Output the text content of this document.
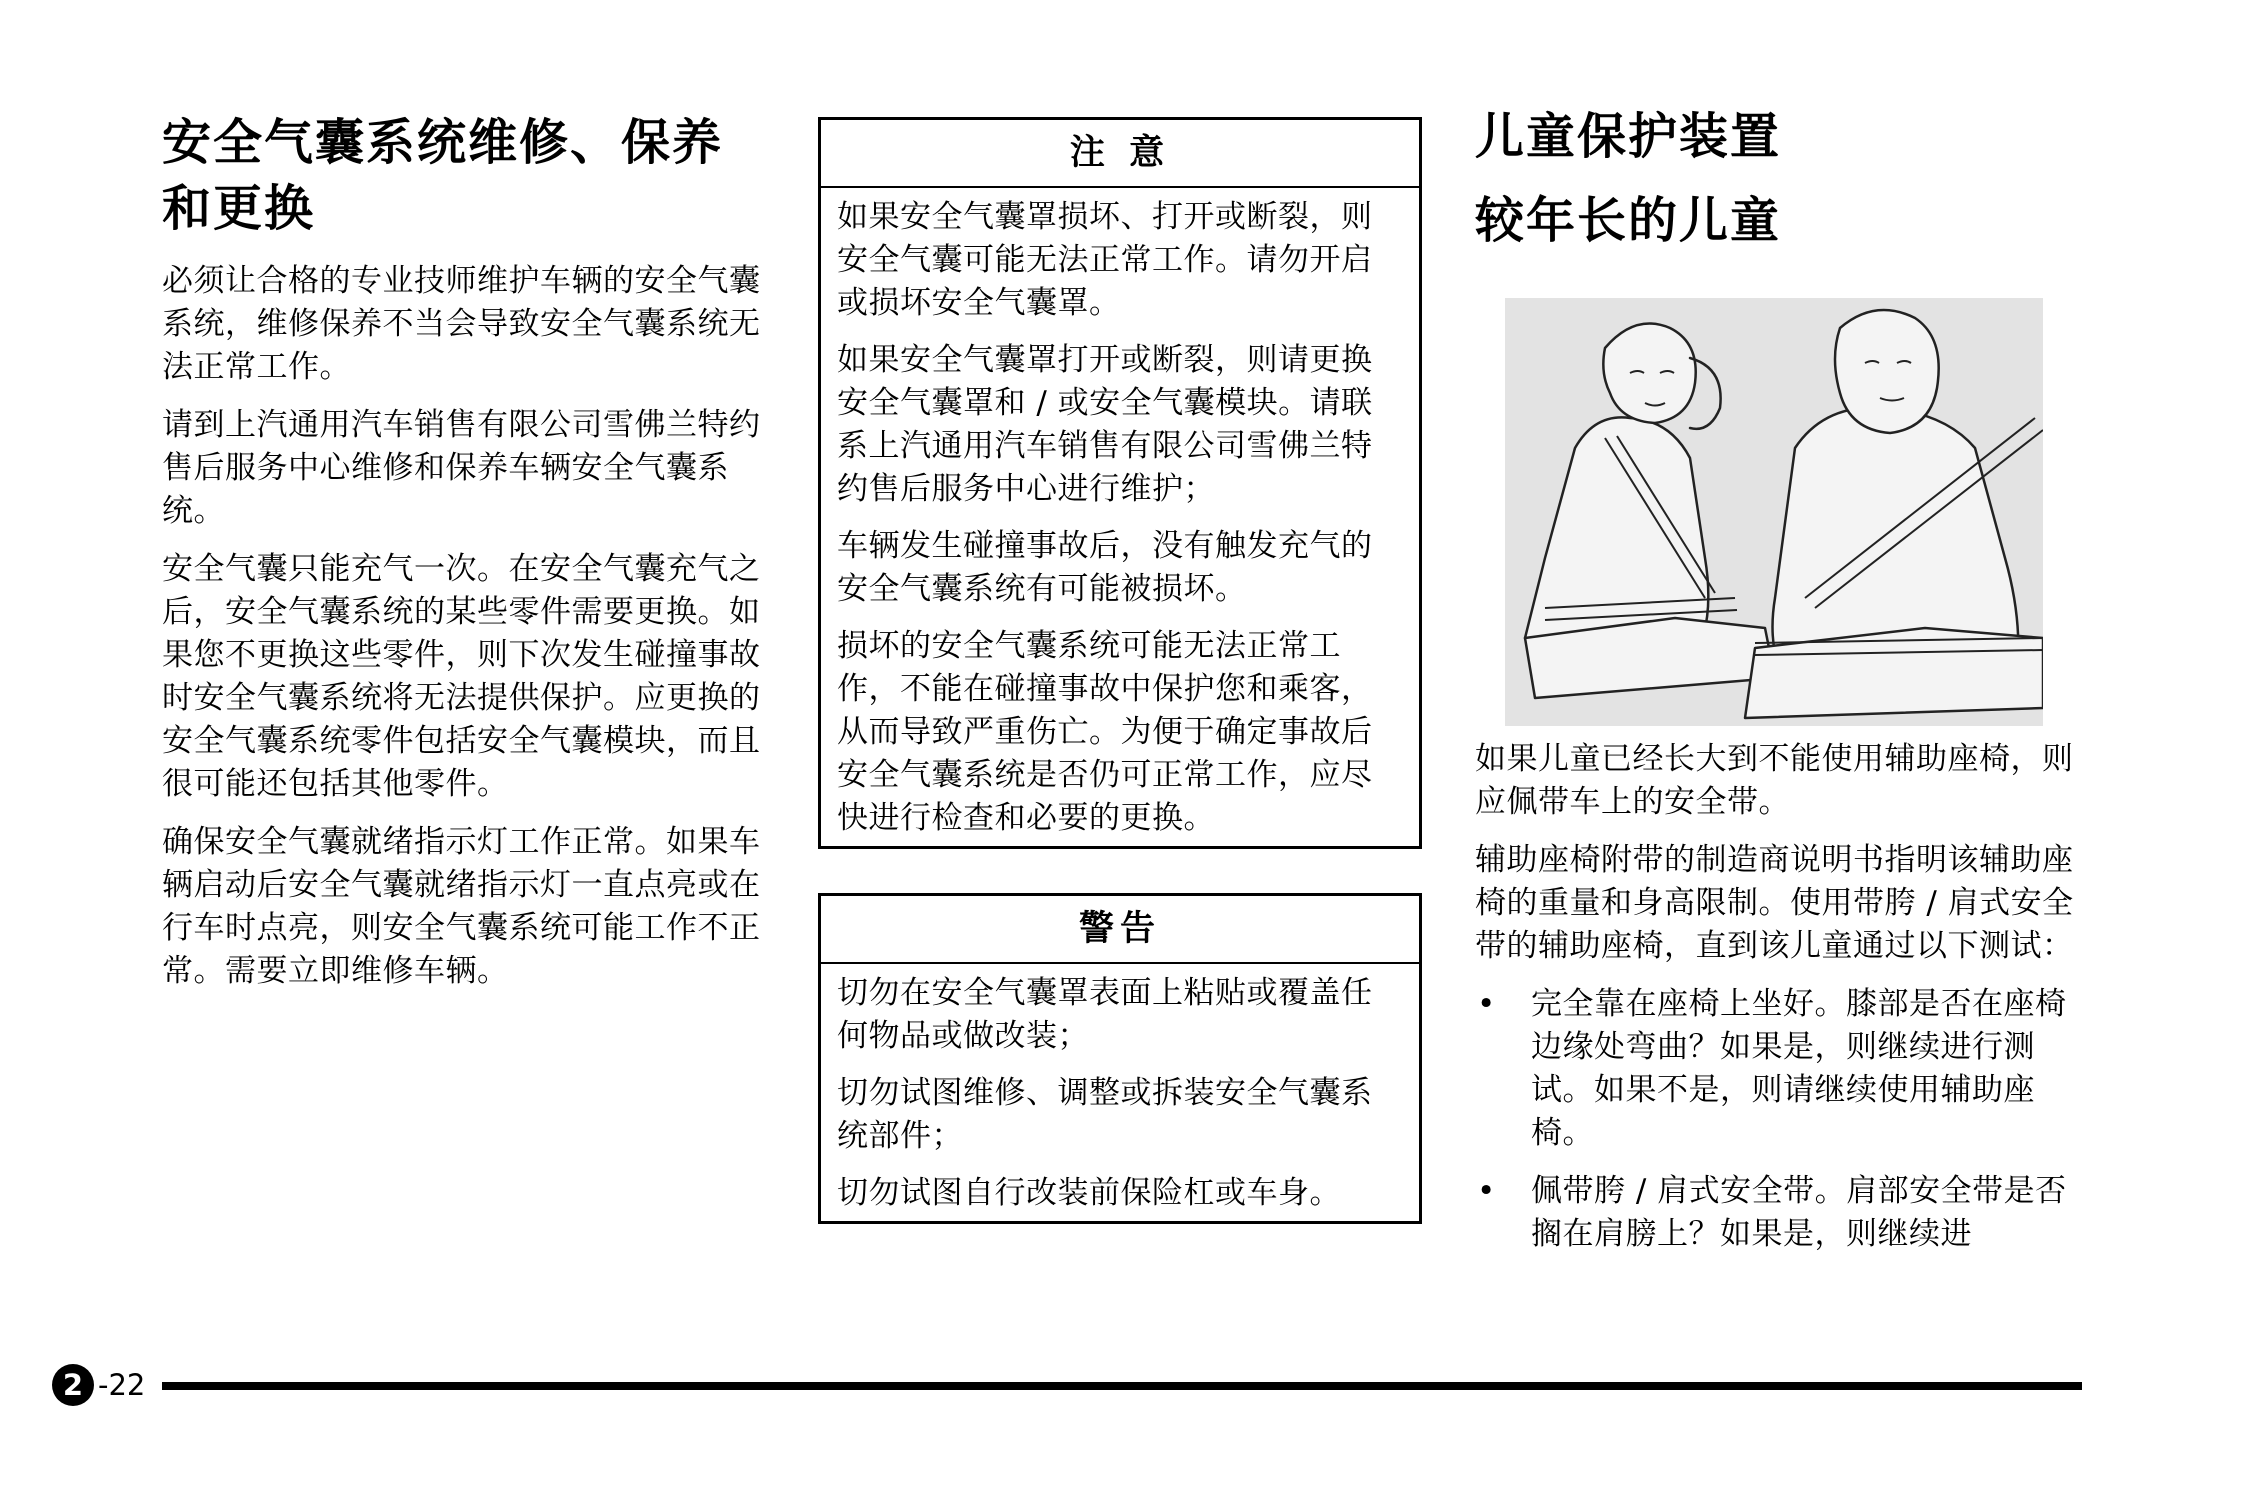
安全气囊系统维修、保养和更换

必须让合格的专业技师维护车辆的安全气囊系统，维修保养不当会导致安全气囊系统无法正常工作。

请到上汽通用汽车销售有限公司雪佛兰特约售后服务中心维修和保养车辆安全气囊系统。

安全气囊只能充气一次。在安全气囊充气之后，安全气囊系统的某些零件需要更换。如果您不更换这些零件，则下次发生碰撞事故时安全气囊系统将无法提供保护。应更换的安全气囊系统零件包括安全气囊模块，而且很可能还包括其他零件。

确保安全气囊就绪指示灯工作正常。如果车辆启动后安全气囊就绪指示灯一直点亮或在行车时点亮，则安全气囊系统可能工作不正常。需要立即维修车辆。

注 意

如果安全气囊罩损坏、打开或断裂，则安全气囊可能无法正常工作。请勿开启或损坏安全气囊罩。

如果安全气囊罩打开或断裂，则请更换安全气囊罩和 / 或安全气囊模块。请联系上汽通用汽车销售有限公司雪佛兰特约售后服务中心进行维护；

车辆发生碰撞事故后，没有触发充气的安全气囊系统有可能被损坏。

损坏的安全气囊系统可能无法正常工作，不能在碰撞事故中保护您和乘客，从而导致严重伤亡。为便于确定事故后安全气囊系统是否仍可正常工作，应尽快进行检查和必要的更换。

警告

切勿在安全气囊罩表面上粘贴或覆盖任何物品或做改装；

切勿试图维修、调整或拆装安全气囊系统部件；

切勿试图自行改装前保险杠或车身。

儿童保护装置
较年长的儿童

如果儿童已经长大到不能使用辅助座椅，则应佩带车上的安全带。

辅助座椅附带的制造商说明书指明该辅助座椅的重量和身高限制。使用带胯 / 肩式安全带的辅助座椅，直到该儿童通过以下测试：

• 完全靠在座椅上坐好。膝部是否在座椅边缘处弯曲？如果是，则继续进行测试。如果不是，则请继续使用辅助座椅。

• 佩带胯 / 肩式安全带。肩部安全带是否搁在肩膀上？如果是，则继续进

2 -22
